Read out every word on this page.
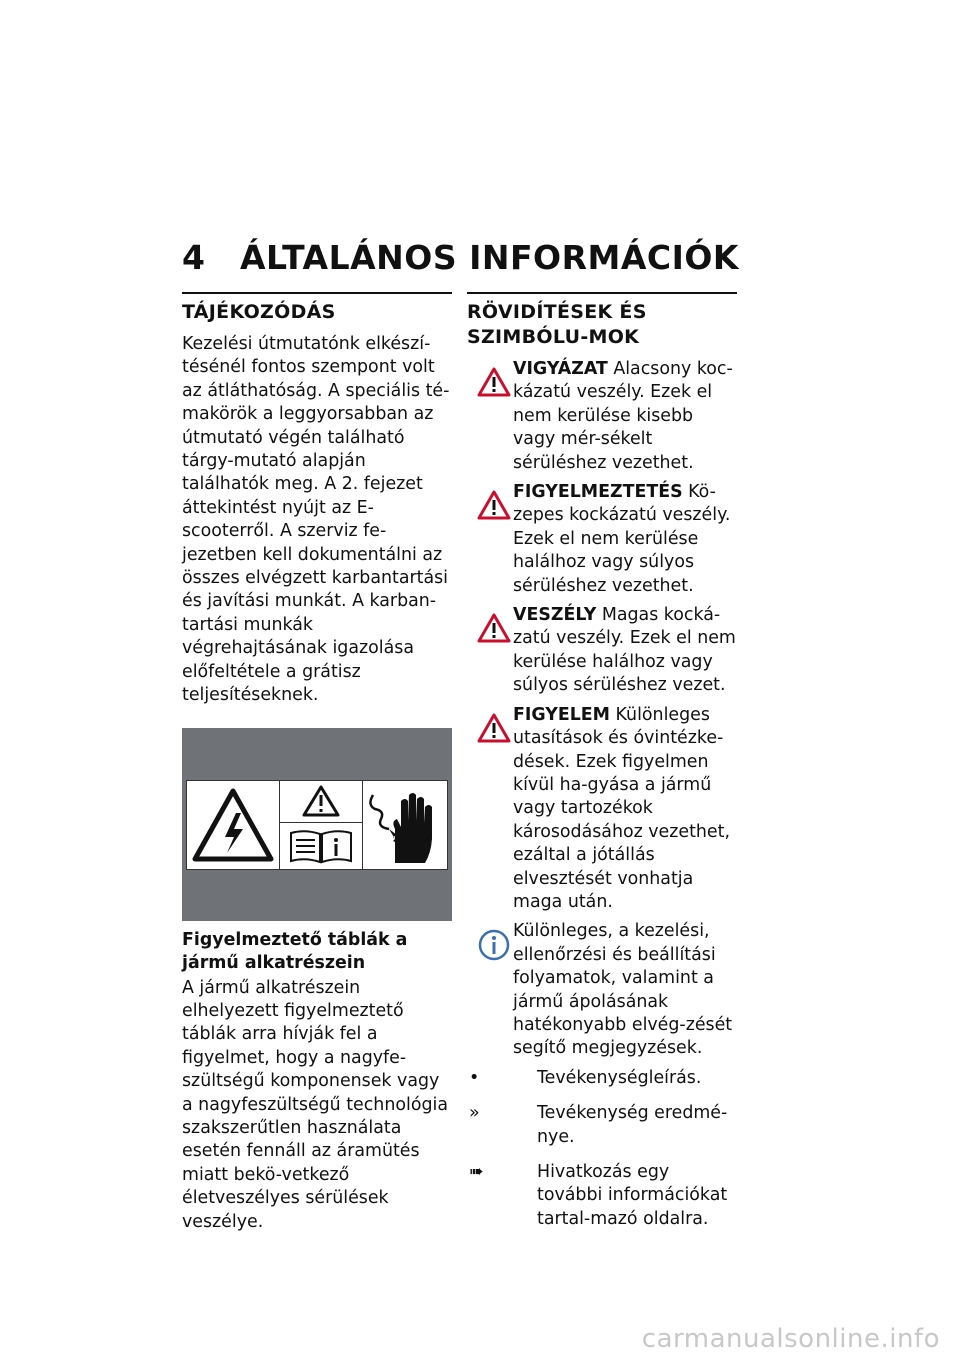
4 ÁLTALÁNOS INFORMÁCIÓK
TÁJÉKOZÓDÁS

Kezelési útmutatónk elkészí-tésénél fontos szempont volt az átláthatóság. A speciális té-makörök a leggyorsabban az útmutató végén található tárgy-mutató alapján találhatók meg. A 2. fejezet áttekintést nyújt az E-scooterről. A szerviz fe-jezetben kell dokumentálni az összes elvégzett karbantartási és javítási munkát. A karban-tartási munkák végrehajtásának igazolása előfeltétele a grátisz teljesítéseknek.

Figyelmeztető táblák a jármű alkatrészein

A jármű alkatrészein elhelyezett figyelmeztető táblák arra hívják fel a figyelmet, hogy a nagyfe-szültségű komponensek vagy a nagyfeszültségű technológia szakszerűtlen használata esetén fennáll az áramütés miatt bekö-vetkező életveszélyes sérülések veszélye.

RÖVIDÍTÉSEK ÉS SZIMBÓLU-MOK

VIGYÁZAT Alacsony koc-kázatú veszély. Ezek el nem kerülése kisebb vagy mér-sékelt sérüléshez vezethet.

FIGYELMEZTETÉS Kö-zepes kockázatú veszély. Ezek el nem kerülése halálhoz vagy súlyos sérüléshez vezethet.

VESZÉLY Magas kocká-zatú veszély. Ezek el nem kerülése halálhoz vagy súlyos sérüléshez vezet.

FIGYELEM Különleges utasítások és óvintézke-dések. Ezek figyelmen kívül ha-gyása a jármű vagy tartozékok károsodásához vezethet, ezáltal a jótállás elvesztését vonhatja maga után.

Különleges, a kezelési, ellenőrzési és beállítási folyamatok, valamint a jármű ápolásának hatékonyabb elvég-zését segítő megjegyzések.

•	Tevékenységleírás.
»	Tevékenység eredmé-nye.
➠	Hivatkozás egy további információkat tartal-mazó oldalra.
carmanualsonline.info
